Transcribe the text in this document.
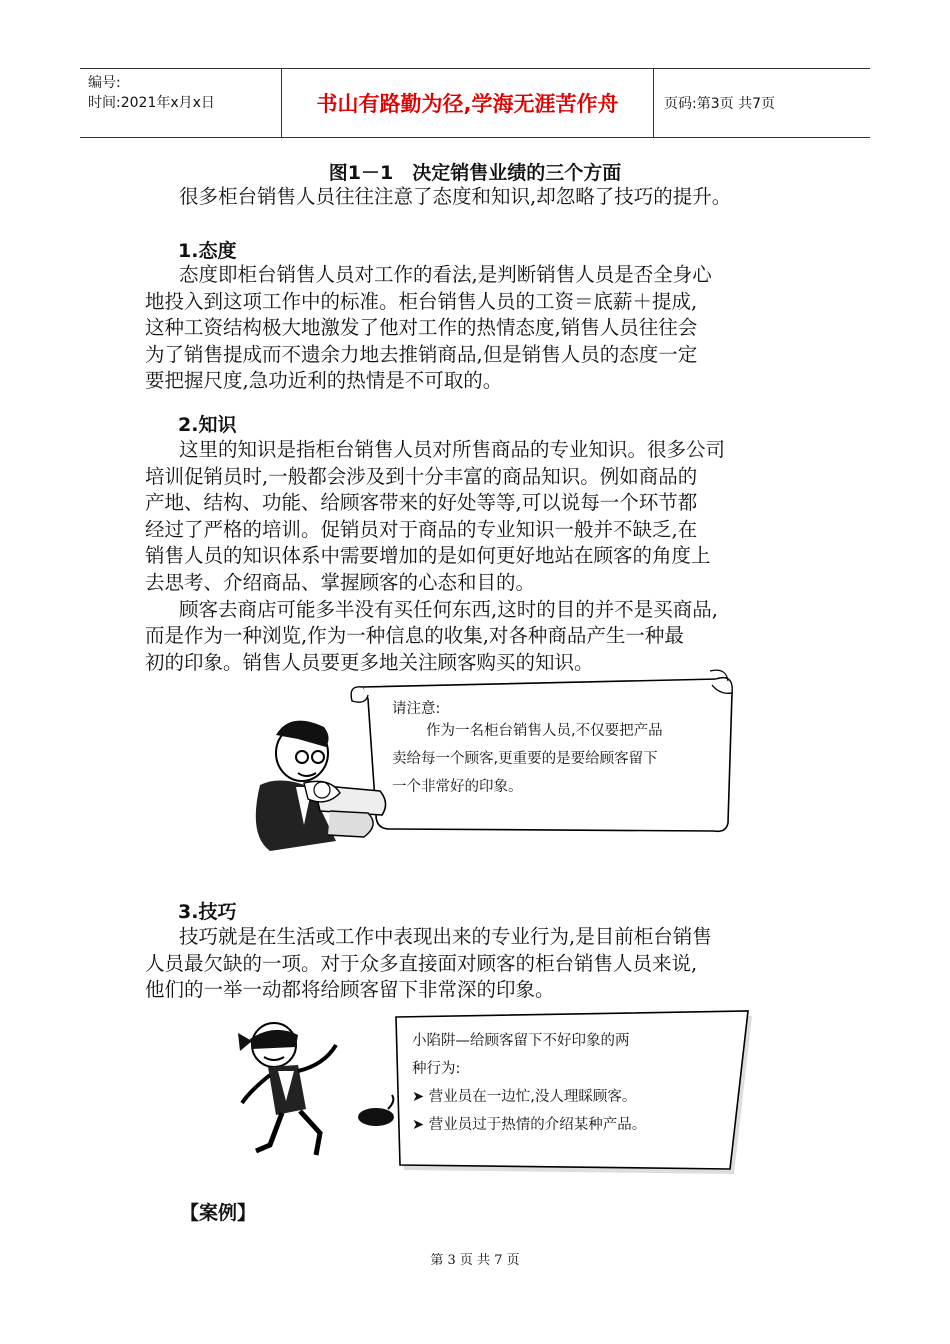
编号:
时间:2021年x月x日	书山有路勤为径,学海无涯苦作舟	页码:第3页 共7页
图1－1　决定销售业绩的三个方面
很多柜台销售人员往往注意了态度和知识,却忽略了技巧的提升。
1.态度
态度即柜台销售人员对工作的看法,是判断销售人员是否全身心
地投入到这项工作中的标准。柜台销售人员的工资＝底薪＋提成,
这种工资结构极大地激发了他对工作的热情态度,销售人员往往会
为了销售提成而不遗余力地去推销商品,但是销售人员的态度一定
要把握尺度,急功近利的热情是不可取的。
2.知识
这里的知识是指柜台销售人员对所售商品的专业知识。很多公司
培训促销员时,一般都会涉及到十分丰富的商品知识。例如商品的
产地、结构、功能、给顾客带来的好处等等,可以说每一个环节都
经过了严格的培训。促销员对于商品的专业知识一般并不缺乏,在
销售人员的知识体系中需要增加的是如何更好地站在顾客的角度上
去思考、介绍商品、掌握顾客的心态和目的。
顾客去商店可能多半没有买任何东西,这时的目的并不是买商品,
而是作为一种浏览,作为一种信息的收集,对各种商品产生一种最
初的印象。销售人员要更多地关注顾客购买的知识。
请注意:
作为一名柜台销售人员,不仅要把产品
卖给每一个顾客,更重要的是要给顾客留下
一个非常好的印象。
3.技巧
技巧就是在生活或工作中表现出来的专业行为,是目前柜台销售
人员最欠缺的一项。对于众多直接面对顾客的柜台销售人员来说,
他们的一举一动都将给顾客留下非常深的印象。
小陷阱—给顾客留下不好印象的两
种行为:
➤ 营业员在一边忙,没人理睬顾客。
➤ 营业员过于热情的介绍某种产品。
【案例】
第 3 页 共 7 页
